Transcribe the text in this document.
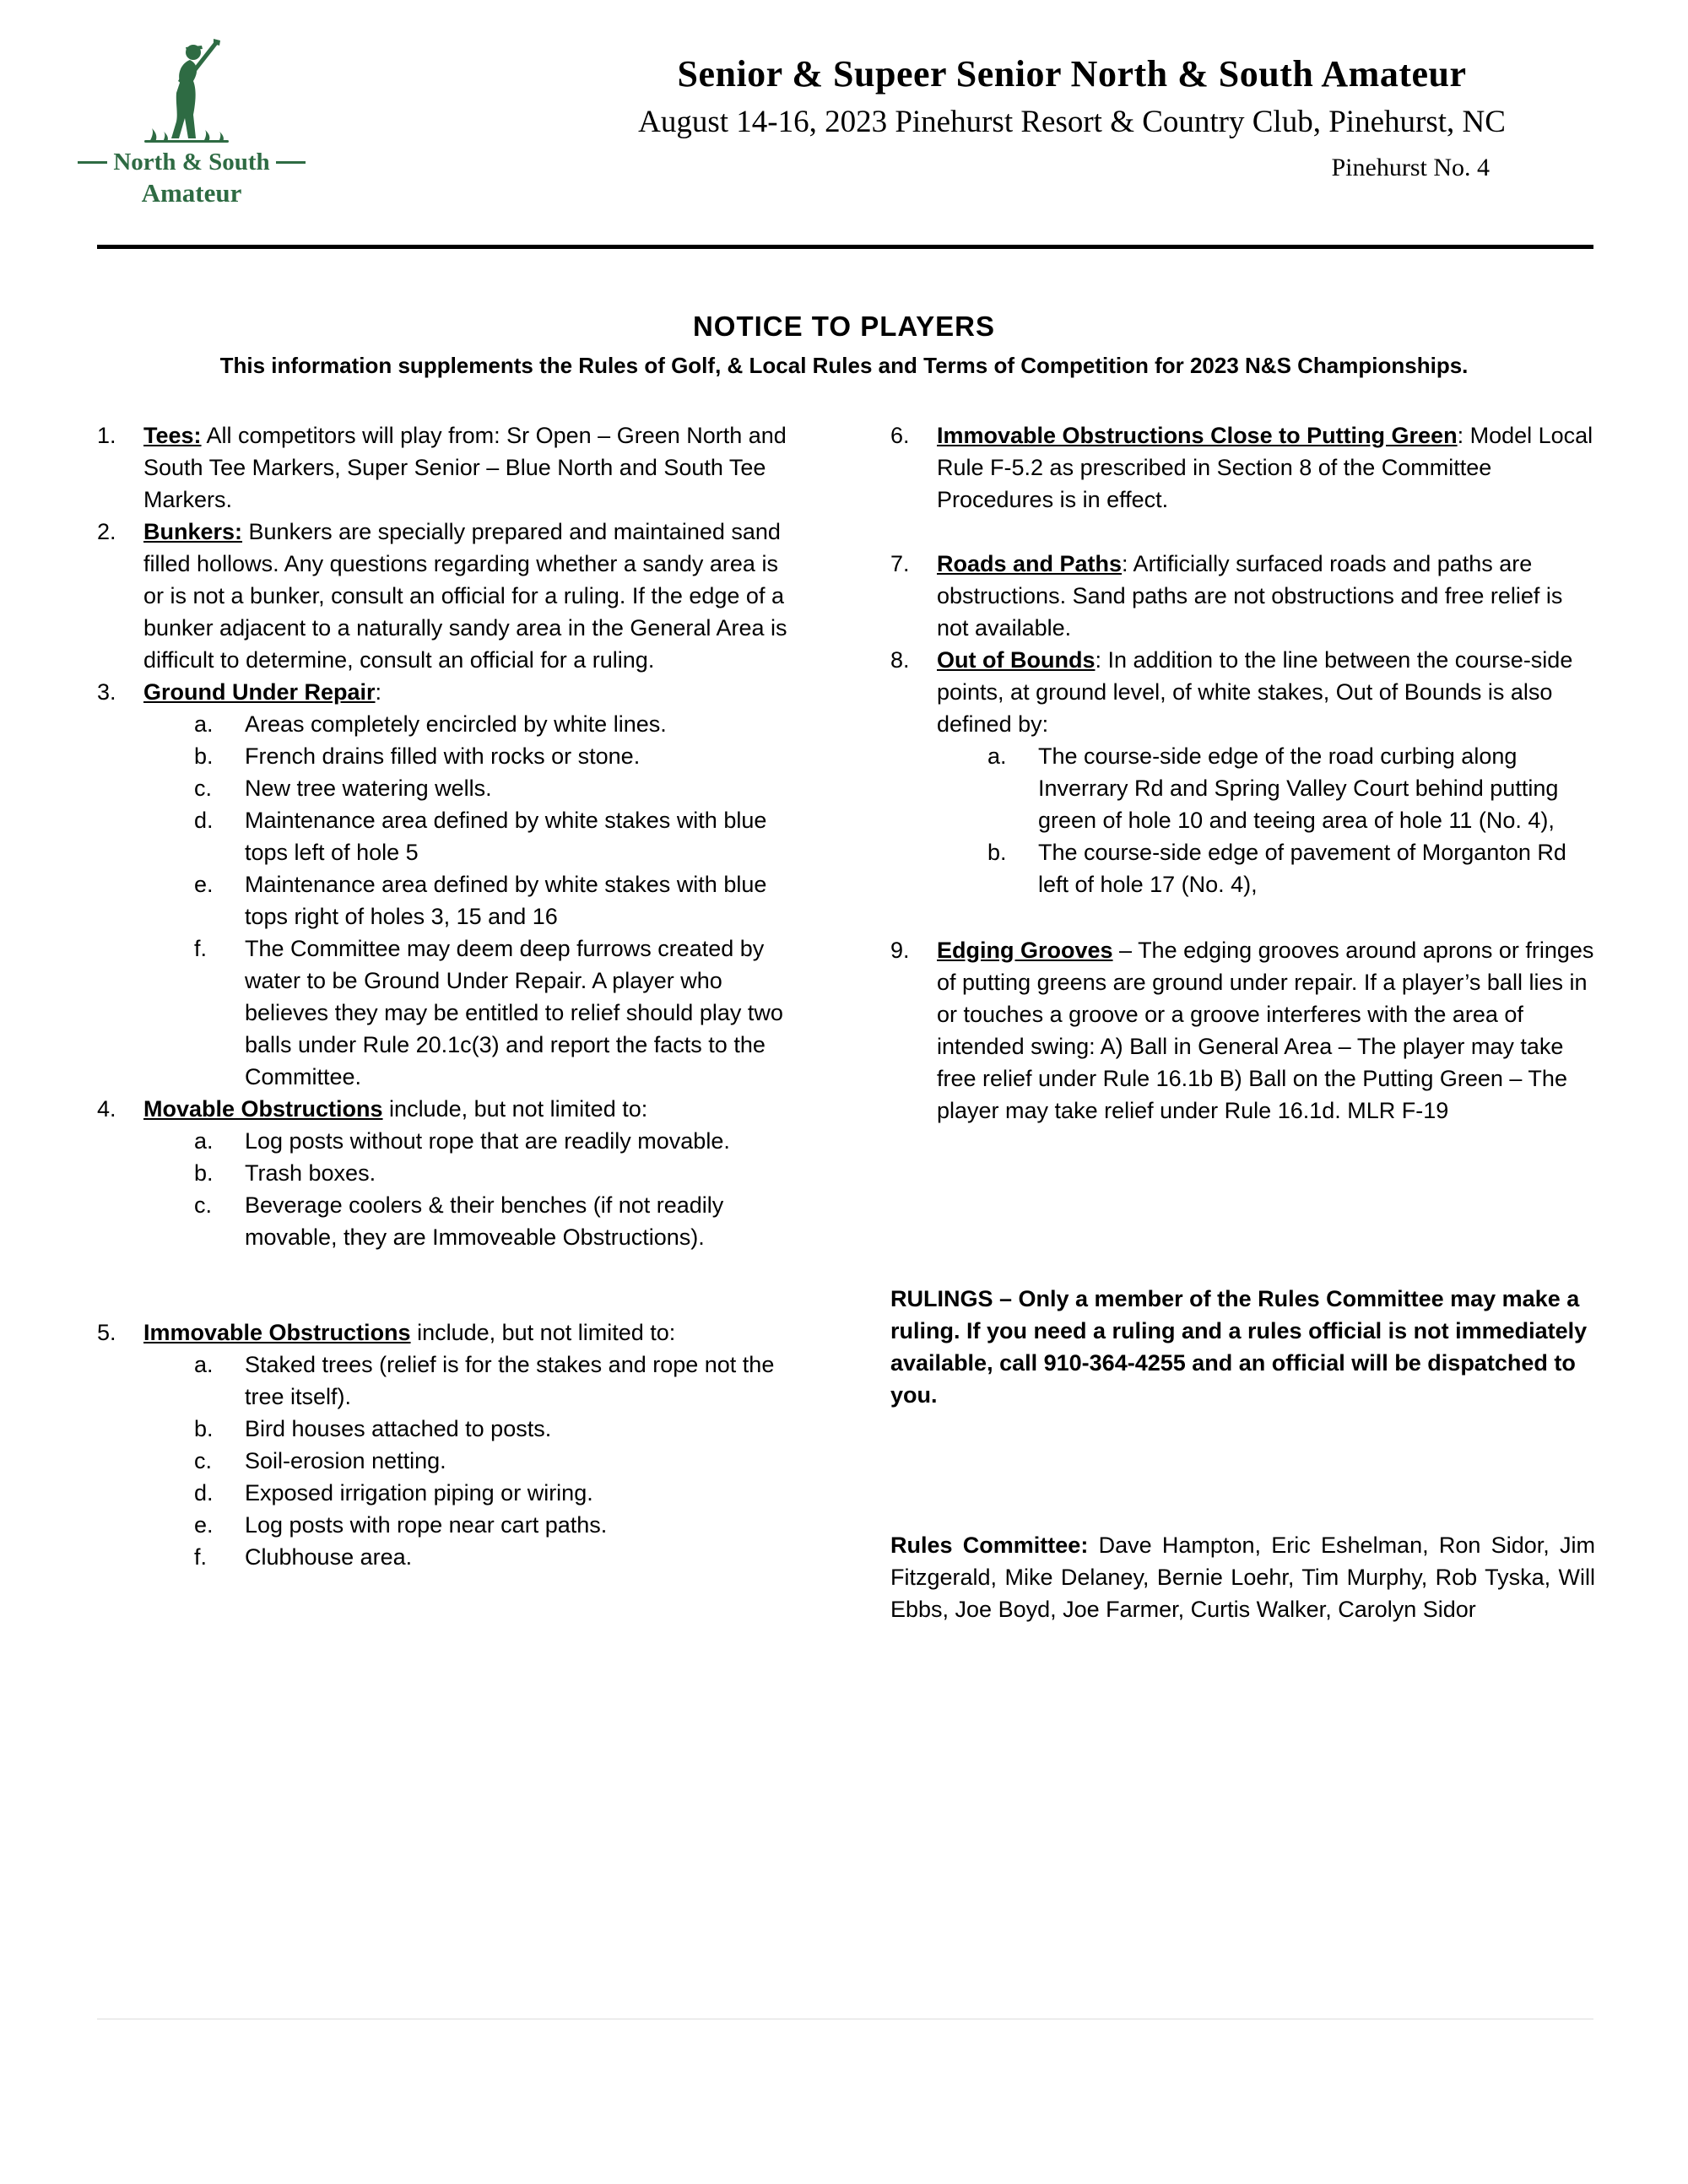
North & South
Amateur
Senior & Supeer Senior North & South Amateur
August 14-16, 2023 Pinehurst Resort & Country Club, Pinehurst, NC
Pinehurst No. 4
NOTICE TO PLAYERS
This information supplements the Rules of Golf, & Local Rules and Terms of Competition for 2023 N&S Championships.
1.	Tees: All competitors will play from: Sr Open – Green North and South Tee Markers, Super Senior – Blue North and South Tee Markers.
2.	Bunkers: Bunkers are specially prepared and maintained sand filled hollows. Any questions regarding whether a sandy area is or is not a bunker, consult an official for a ruling. If the edge of a bunker adjacent to a naturally sandy area in the General Area is difficult to determine, consult an official for a ruling.
3.	Ground Under Repair:
a.	Areas completely encircled by white lines.
b.	French drains filled with rocks or stone.
c.	New tree watering wells.
d.	Maintenance area defined by white stakes with blue tops left of hole 5
e.	Maintenance area defined by white stakes with blue tops right of holes 3, 15 and 16
f.	The Committee may deem deep furrows created by water to be Ground Under Repair. A player who believes they may be entitled to relief should play two balls under Rule 20.1c(3) and report the facts to the Committee.
4.	Movable Obstructions include, but not limited to:
a.	Log posts without rope that are readily movable.
b.	Trash boxes.
c.	Beverage coolers & their benches (if not readily movable, they are Immoveable Obstructions).
5.	Immovable Obstructions include, but not limited to:
a.	Staked trees (relief is for the stakes and rope not the tree itself).
b.	Bird houses attached to posts.
c.	Soil-erosion netting.
d.	Exposed irrigation piping or wiring.
e.	Log posts with rope near cart paths.
f.	Clubhouse area.
6.	Immovable Obstructions Close to Putting Green: Model Local Rule F-5.2 as prescribed in Section 8 of the Committee Procedures is in effect.
7.	Roads and Paths: Artificially surfaced roads and paths are obstructions. Sand paths are not obstructions and free relief is not available.
8.	Out of Bounds: In addition to the line between the course-side points, at ground level, of white stakes, Out of Bounds is also defined by:
a.	The course-side edge of the road curbing along Inverrary Rd and Spring Valley Court behind putting green of hole 10 and teeing area of hole 11 (No. 4),
b.	The course-side edge of pavement of Morganton Rd left of hole 17 (No. 4),
9.	Edging Grooves – The edging grooves around aprons or fringes of putting greens are ground under repair. If a player’s ball lies in or touches a groove or a groove interferes with the area of intended swing: A) Ball in General Area – The player may take free relief under Rule 16.1b B) Ball on the Putting Green – The player may take relief under Rule 16.1d. MLR F-19

RULINGS – Only a member of the Rules Committee may make a ruling. If you need a ruling and a rules official is not immediately available, call 910-364-4255 and an official will be dispatched to you.

Rules Committee: Dave Hampton, Eric Eshelman, Ron Sidor, Jim Fitzgerald, Mike Delaney, Bernie Loehr, Tim Murphy, Rob Tyska, Will Ebbs, Joe Boyd, Joe Farmer, Curtis Walker, Carolyn Sidor
